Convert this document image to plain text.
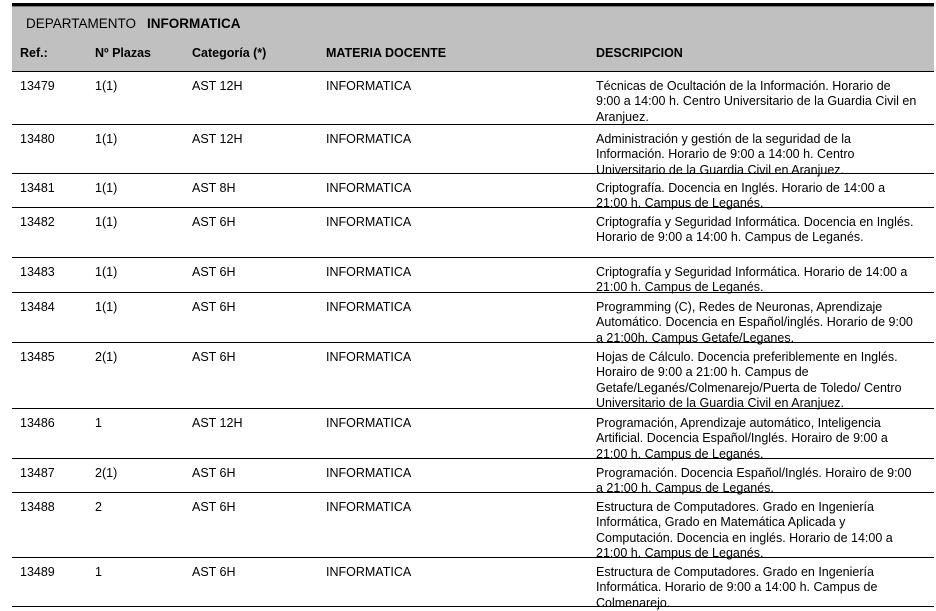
DEPARTAMENTO INFORMATICA
Ref.:	Nº Plazas	Categoría (*)	MATERIA DOCENTE	DESCRIPCION
13479	1(1)	AST 12H	INFORMATICA	Técnicas de Ocultación de la Información. Horario de 9:00 a 14:00 h. Centro Universitario de la Guardia Civil en Aranjuez.
13480	1(1)	AST 12H	INFORMATICA	Administración y gestión de la seguridad de la Información. Horario de 9:00 a 14:00 h. Centro Universitario de la Guardia Civil en Aranjuez.
13481	1(1)	AST 8H	INFORMATICA	Criptografía. Docencia en Inglés. Horario de 14:00 a 21:00 h. Campus de Leganés.
13482	1(1)	AST 6H	INFORMATICA	Criptografía y Seguridad Informática. Docencia en Inglés. Horario de 9:00 a 14:00 h. Campus de Leganés.
13483	1(1)	AST 6H	INFORMATICA	Criptografía y Seguridad Informática. Horario de 14:00 a 21:00 h. Campus de Leganés.
13484	1(1)	AST 6H	INFORMATICA	Programming (C), Redes de Neuronas, Aprendizaje Automático. Docencia en Español/inglés. Horario de 9:00 a 21:00h. Campus Getafe/Leganes.
13485	2(1)	AST 6H	INFORMATICA	Hojas de Cálculo. Docencia preferiblemente en Inglés. Horairo de 9:00 a 21:00 h. Campus de Getafe/Leganés/Colmenarejo/Puerta de Toledo/ Centro Universitario de la Guardia Civil en Aranjuez.
13486	1	AST 12H	INFORMATICA	Programación, Aprendizaje automático, Inteligencia Artificial. Docencia Español/Inglés. Horairo de 9:00 a 21:00 h. Campus de Leganés.
13487	2(1)	AST 6H	INFORMATICA	Programación. Docencia Español/Inglés. Horairo de 9:00 a 21:00 h. Campus de Leganés.
13488	2	AST 6H	INFORMATICA	Estructura de Computadores. Grado en Ingeniería Informática, Grado en Matemática Aplicada y Computación. Docencia en inglés. Horario de 14:00 a 21:00 h. Campus de Leganés.
13489	1	AST 6H	INFORMATICA	Estructura de Computadores. Grado en Ingeniería Informática. Horario de 9:00 a 14:00 h. Campus de Colmenarejo.
